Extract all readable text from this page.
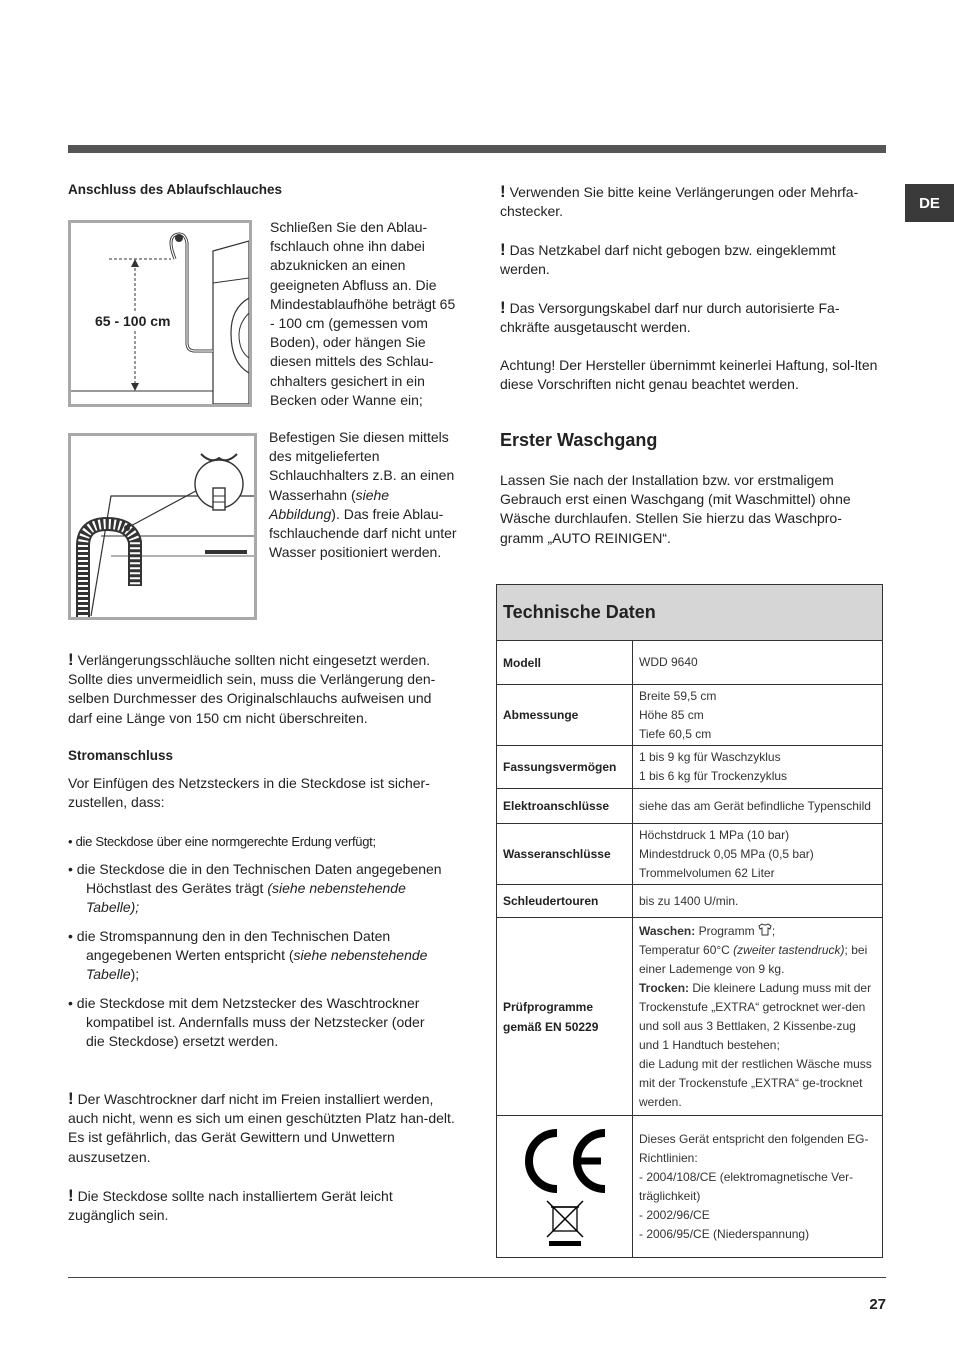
DE
Anschluss des Ablaufschlauches
65 - 100 cm
Schließen Sie den Ablau-fschlauch ohne ihn dabei abzuknicken an einen geeigneten Abfluss an. Die Mindestablaufhöhe beträgt 65 - 100 cm (gemessen vom Boden), oder hängen Sie diesen mittels des Schlau-chhalters gesichert in ein Becken oder Wanne ein;
Befestigen Sie diesen mittels des mitgelieferten Schlauchhalters z.B. an einen Wasserhahn (siehe Abbildung). Das freie Ablau-fschlauchende darf nicht unter Wasser positioniert werden.
! Verlängerungsschläuche sollten nicht eingesetzt werden. Sollte dies unvermeidlich sein, muss die Verlängerung den-selben Durchmesser des Originalschlauchs aufweisen und darf eine Länge von 150 cm nicht überschreiten.
Stromanschluss
Vor Einfügen des Netzsteckers in die Steckdose ist sicher-zustellen, dass:
• die Steckdose über eine normgerechte Erdung verfügt;
• die Steckdose die in den Technischen Daten angegebenen Höchstlast des Gerätes trägt (siehe nebenstehende Tabelle);
• die Stromspannung den in den Technischen Daten angegebenen Werten entspricht (siehe nebenstehende Tabelle);
• die Steckdose mit dem Netzstecker des Waschtrockner kompatibel ist. Andernfalls muss der Netzstecker (oder die Steckdose) ersetzt werden.
! Der Waschtrockner darf nicht im Freien installiert werden, auch nicht, wenn es sich um einen geschützten Platz han-delt. Es ist gefährlich, das Gerät Gewittern und Unwettern auszusetzen.
! Die Steckdose sollte nach installiertem Gerät leicht zugänglich sein.
! Verwenden Sie bitte keine Verlängerungen oder Mehrfa-chstecker.
! Das Netzkabel darf nicht gebogen bzw. eingeklemmt werden.
! Das Versorgungskabel darf nur durch autorisierte Fa-chkräfte ausgetauscht werden.
Achtung! Der Hersteller übernimmt keinerlei Haftung, sol-lten diese Vorschriften nicht genau beachtet werden.
Erster Waschgang
Lassen Sie nach der Installation bzw. vor erstmaligem Gebrauch erst einen Waschgang (mit Waschmittel) ohne Wäsche durchlaufen. Stellen Sie hierzu das Waschpro-gramm „AUTO REINIGEN“.
Technische Daten	
Modell	WDD 9640

Abmessunge	Breite 59,5 cm
Höhe 85 cm
Tiefe 60,5 cm

Fassungsvermögen	1 bis 9 kg für Waschzyklus
1 bis 6 kg für Trockenzyklus

Elektroanschlüsse	siehe das am Gerät befindliche Typenschild

Wasseranschlüsse	Höchstdruck 1 MPa (10 bar)
Mindestdruck 0,05 MPa (0,5 bar)
Trommelvolumen 62 Liter

Schleudertouren	bis zu 1400 U/min.

Prüfprogramme
gemäß EN 50229	Waschen: Programm ;
Temperatur 60°C (zweiter tastendruck); bei einer Lademenge von 9 kg.
Trocken: Die kleinere Ladung muss mit der Trockenstufe „EXTRA“ getrocknet wer-den und soll aus 3 Bettlaken, 2 Kissenbe-zug und 1 Handtuch bestehen;
die Ladung mit der restlichen Wäsche muss mit der Trockenstufe „EXTRA“ ge-trocknet werden.

Dieses Gerät entspricht den folgenden EG-Richtlinien:
- 2004/108/CE (elektromagnetische Ver-träglichkeit)
- 2002/96/CE
- 2006/95/CE (Niederspannung)
27
